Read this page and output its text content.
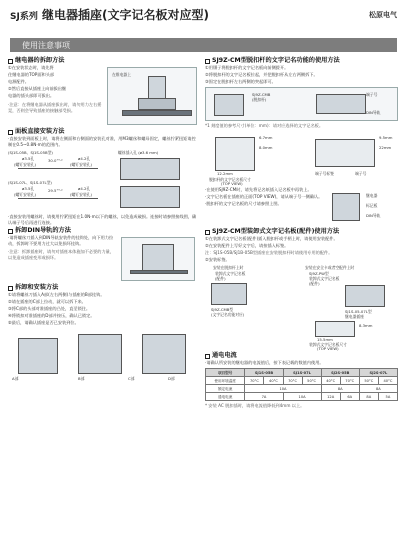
SJ系列 继电器插座(文字记名板对应型)	松原电气
使用注意事项
继电器的拆卸方法
①在安装状态时，请先将
住继电器的TOP面和头部
电源配件。
②然后直接从插座上向前拔出继
电器的插头部即可拔出。
·注意：在将继电器从插座拔出时，请勿用力左右摇晃，否则会导致插座的接触部受损。
在维电器上
面板直接安装方法
·直接安装到面板上时，请将左侧面和右侧面的安装孔对准，用M3螺丝和螺母固定，螺丝拧紧扭矩请控制在0.5~0.8N·m的范围内。
(SJ1S-05B、SJ1S-05B型)
ø3.5孔	30.0⁺⁰·²	ø4.2孔
(螺钉安装孔)	(螺钉安装孔)
螺丝插入孔 (ø3.6 mm)
(SJ1S-07L、SJ1S-07L型)
ø3.5孔	29.5⁺⁰·²	ø4.2孔
(螺钉安装孔)	(螺钉安装孔)
·直接安装用螺丝时，请使用拧紧扭矩在1.0N·m以下的螺丝，以免造成破损。连接时请参照接线图，确认端子号后再进行连接。
拆卸DIN导轨的方法
·请将螺丝刀插入到DIN导轨安装件的挂钩处，向下用力拉动，拆卸时不要用力过大以免损坏挂钩。
·注意：拆卸插座时，请勿对插座本体施加不必要的力量，以免造成插座变形或损坏。
拆卸和安装方法
①请将螺丝刀插入A部(左右两侧)与插座的B部挂钩。
②请在插座的C部上拉动，就可以拆下来。
③将C部的头部对准插座的凸处，直至锁住。
④将锁扣对准插座的D部并按压，确认已锁定。
⑤最后，请确认插座是否已安装到位。
A部	B部	C部	D部
SJ9Z-CM型脱扣杆的文字记名功能的使用方法
①用镊子将脱扣杆的文字记名板向前侧拨开。
②将脱扣杆的文字记名板拉起，并把脱扣杆从左右两侧拆下。
③固定在脱扣杆左右两侧的突起即可。
SJ9Z-CMB
(脱扣杆)
端子号
DIN导轨
*1 刻度值的参考尺寸(单位：mm)：请对应选择的文字记名板。
6.7mm
8.0mm
12.2mm
脱扣杆的文字记名板尺寸
(TOP VIEW)
9.5mm
22mm
端子号标签	端子号
·在使用SJ9Z-CM时，请先将记名纸插入记名板中再装上。
·文字记名板在插座的正面(TOP VIEW)，请从端子号一侧确认。
·脱扣杆的文字记名板的尺寸请参照上图。
继电器
标记板
DIN导轨
SJ9Z-CM型装卸式文字记名板(配件)使用方法
①在装卸式文字记名板(配件)插入脱扣杆或手柄上时，请使用安装配件。
②在安装配件上写好文字后，请按插入标签。
注：SJ1S-05B/SJ1B-05B型插座在安装脱扣杆时请使用专用的配件。
②安装标签。
安装在脱扣杆上时
装卸式文字记名板
(配件)
SJ9Z-CMB型
(文字记名功能对应)
安装在安全卡或者空配件上时
SJ9Z-PW型
装卸式文字记名板
(配件)
SJ1S-05-07L型
继电器插座
8.3mm
15.5mm
装卸式文字记名板尺寸
(TOP VIEW)
通电电流
·请确认所安装的继电器的电流值后，按下表记载的数值内使用。
项目型号	SJ1S-05B		SJ1S-07L		SJ2S-05B		SJ2S-07L	
使用环境温度	70°C	40°C	70°C	50°C	40°C	70°C	50°C	40°C
额定电流	10A				8A		8A	
通电电流	7A		10A		12A	6A	8A	5A
* 安装 AC 脱扣插时，请将电流值降低到4mm 以上。
